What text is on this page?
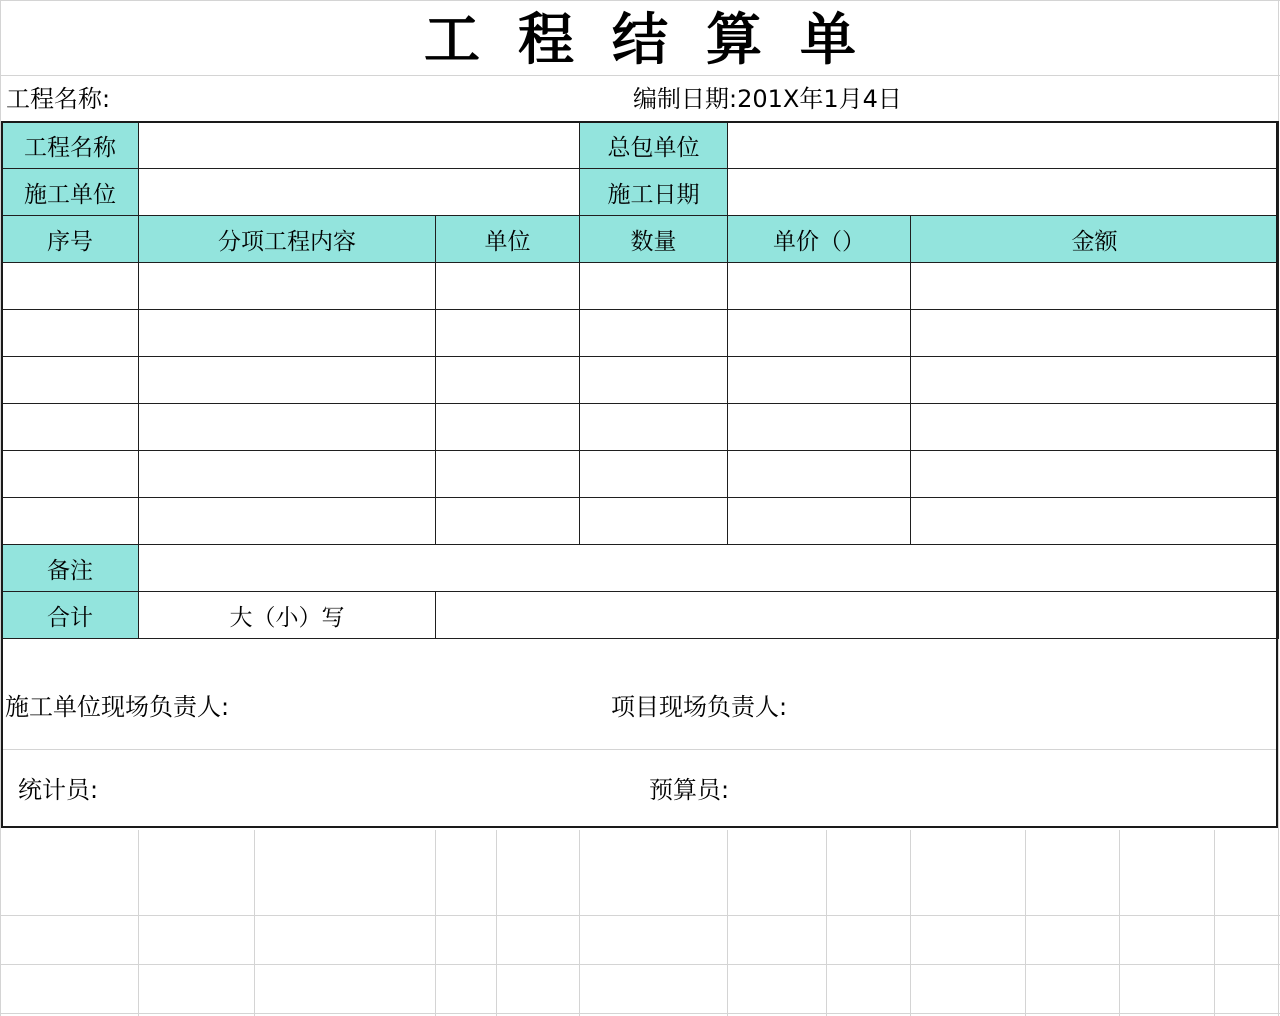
工程结算单
工程名称:	编制日期:201X年1月4日
工程名称			总包单位		
施工单位			施工日期		
序号	分项工程内容	单位	数量	单价（）	金额

备注					
合计	大（小）写				
施工单位现场负责人:	项目现场负责人:
统计员:	预算员:
